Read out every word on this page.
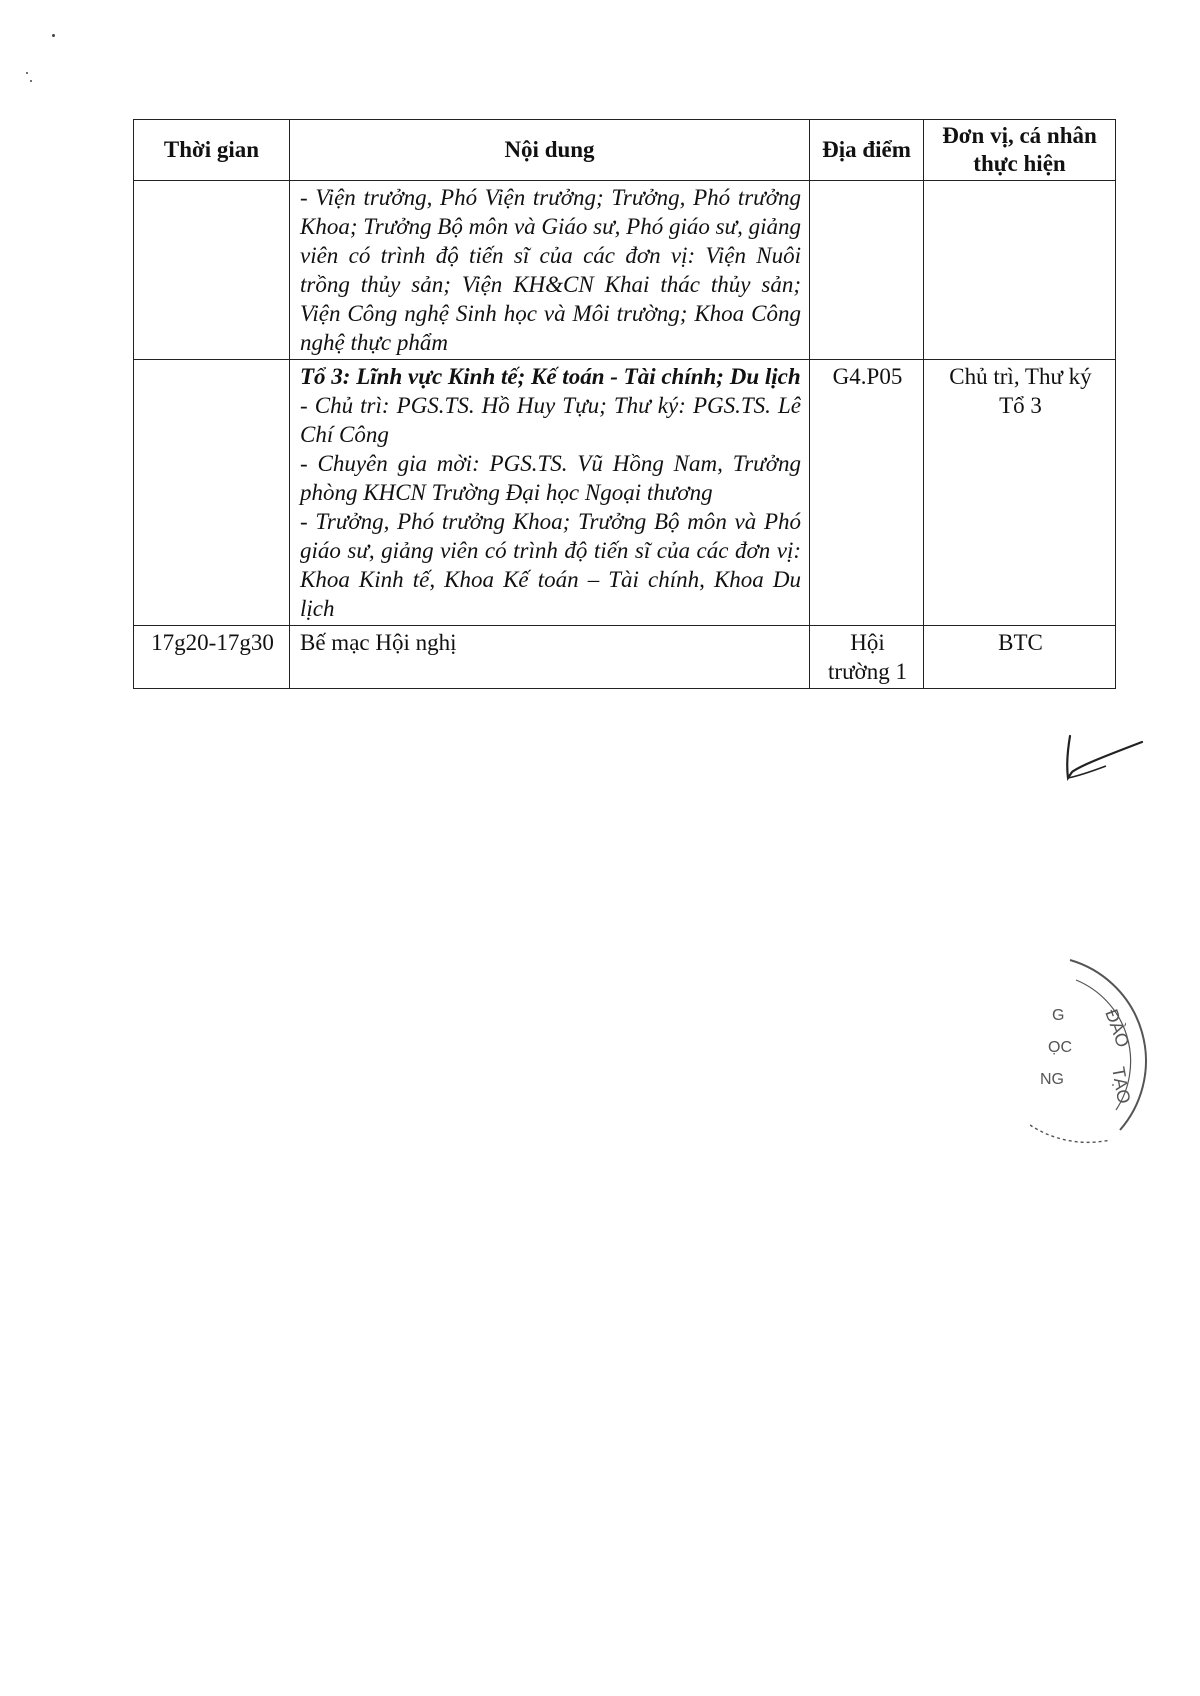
Thời gian	Nội dung	Địa điểm	Đơn vị, cá nhân thực hiện

	- Viện trưởng, Phó Viện trưởng; Trưởng, Phó trưởng Khoa; Trưởng Bộ môn và Giáo sư, Phó giáo sư, giảng viên có trình độ tiến sĩ của các đơn vị: Viện Nuôi trồng thủy sản; Viện KH&CN Khai thác thủy sản; Viện Công nghệ Sinh học và Môi trường; Khoa Công nghệ thực phẩm		

	Tổ 3: Lĩnh vực Kinh tế; Kế toán - Tài chính; Du lịch
- Chủ trì: PGS.TS. Hồ Huy Tựu; Thư ký: PGS.TS. Lê Chí Công
- Chuyên gia mời: PGS.TS. Vũ Hồng Nam, Trưởng phòng KHCN Trường Đại học Ngoại thương
- Trưởng, Phó trưởng Khoa; Trưởng Bộ môn và Phó giáo sư, giảng viên có trình độ tiến sĩ của các đơn vị: Khoa Kinh tế, Khoa Kế toán – Tài chính, Khoa Du lịch	G4.P05	Chủ trì, Thư ký Tổ 3
17g20-17g30	Bế mạc Hội nghị	Hội trường 1	BTC
ĐÀO
TẠO
G
ỌC
NG
